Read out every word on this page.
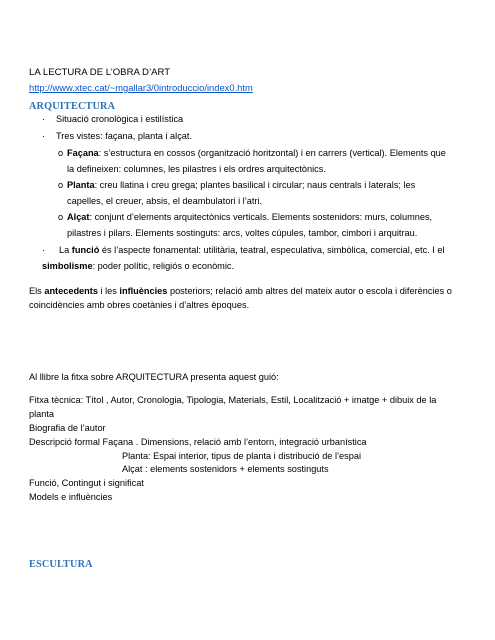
LA LECTURA DE L’OBRA D’ART
http://www.xtec.cat/~mgallar3/0introduccio/index0.htm
ARQUITECTURA
· Situació cronològica i estilística
· Tres vistes: façana, planta i alçat.
o Façana: s’estructura en cossos (organització horitzontal) i en carrers (vertical). Elements que
la defineixen: columnes, les pilastres i els ordres arquitectònics.
o Planta: creu llatina i creu grega; plantes basilical i circular; naus centrals i laterals; les
capelles, el creuer, absis, el deambulatori i l’atri.
o Alçat: conjunt d’elements arquitectònics verticals. Elements sostenidors: murs, columnes,
pilastres i pilars. Elements sostinguts: arcs, voltes cúpules, tambor, cimbori i arquitrau.
· La funció és l’aspecte fonamental: utilitària, teatral, especulativa, simbòlica, comercial, etc. I el
simbolisme: poder polític, religiós o econòmic.
Els antecedents i les influències posteriors; relació amb altres del mateix autor o escola i diferències o
coincidències amb obres coetànies i d’altres èpoques.
Al llibre la fitxa sobre ARQUITECTURA presenta aquest guió:
Fitxa tècnica: Títol , Autor, Cronologia, Tipologia, Materials, Estil, Localització + imatge + dibuix de la
planta
Biografia de l’autor
Descripció formal Façana . Dimensions, relació amb l’entorn, integració urbanística
Planta: Espai interior, tipus de planta i distribució de l’espai
Alçat : elements sostenidors + elements sostinguts
Funció, Contingut i significat
Models e influències
ESCULTURA
